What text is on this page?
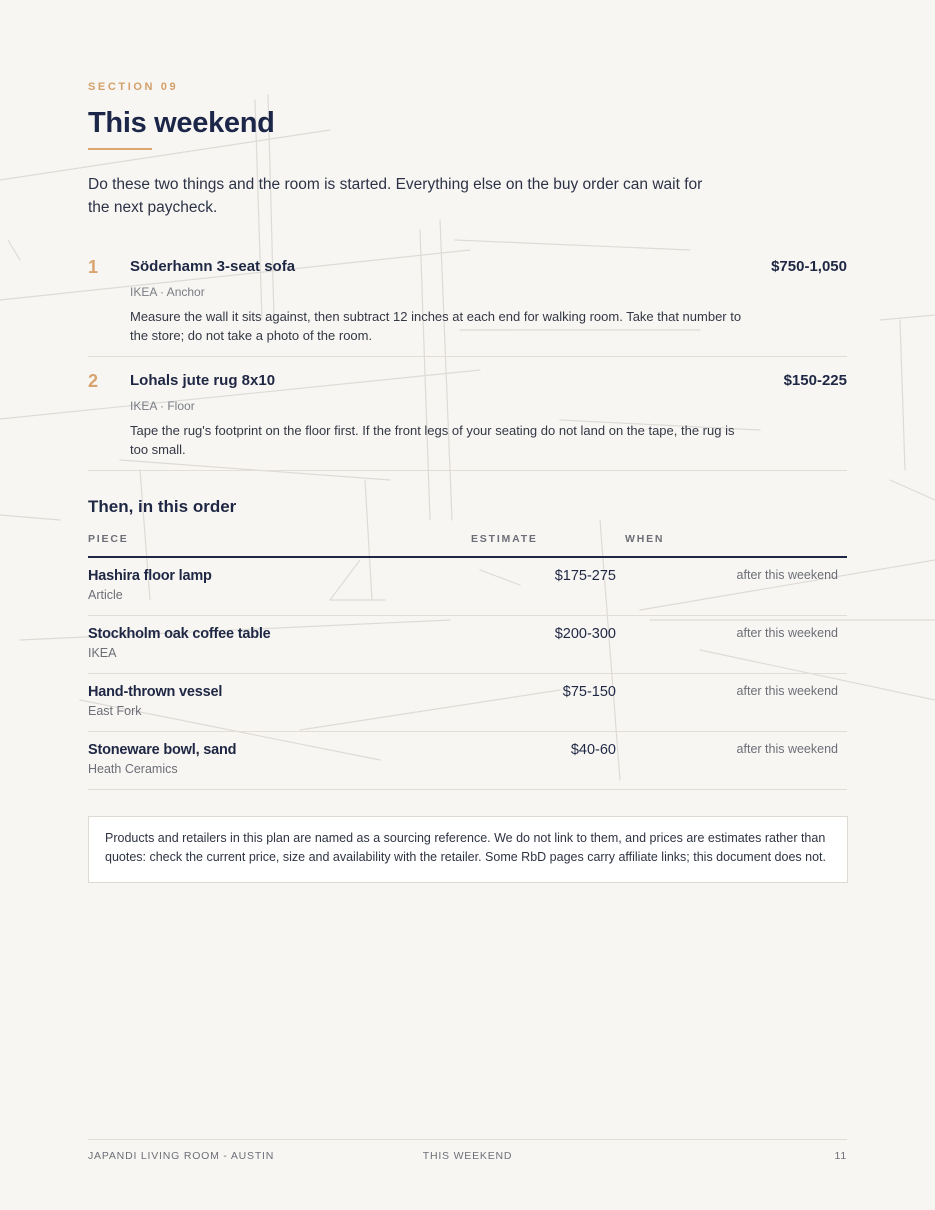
SECTION 09
This weekend

Do these two things and the room is started. Everything else on the buy order can wait for the next paycheck.

1 Söderhamn 3-seat sofa	$750-1,050
IKEA · Anchor

Measure the wall it sits against, then subtract 12 inches at each end for walking room. Take that number to the store; do not take a photo of the room.

2 Lohals jute rug 8x10	$150-225
IKEA · Floor

Tape the rug's footprint on the floor first. If the front legs of your seating do not land on the tape, the rug is too small.

Then, in this order
PIECE	ESTIMATE	WHEN
Hashira floor lamp
Article
$175-275	after this weekend
Stockholm oak coffee table
IKEA
$200-300	after this weekend
Hand-thrown vessel
East Fork
$75-150	after this weekend
Stoneware bowl, sand
Heath Ceramics
$40-60	after this weekend

Products and retailers in this plan are named as a sourcing reference. We do not link to them, and prices are estimates rather than quotes: check the current price, size and availability with the retailer. Some RbD pages carry affiliate links; this document does not.

JAPANDI LIVING ROOM - AUSTIN	THIS WEEKEND	11
